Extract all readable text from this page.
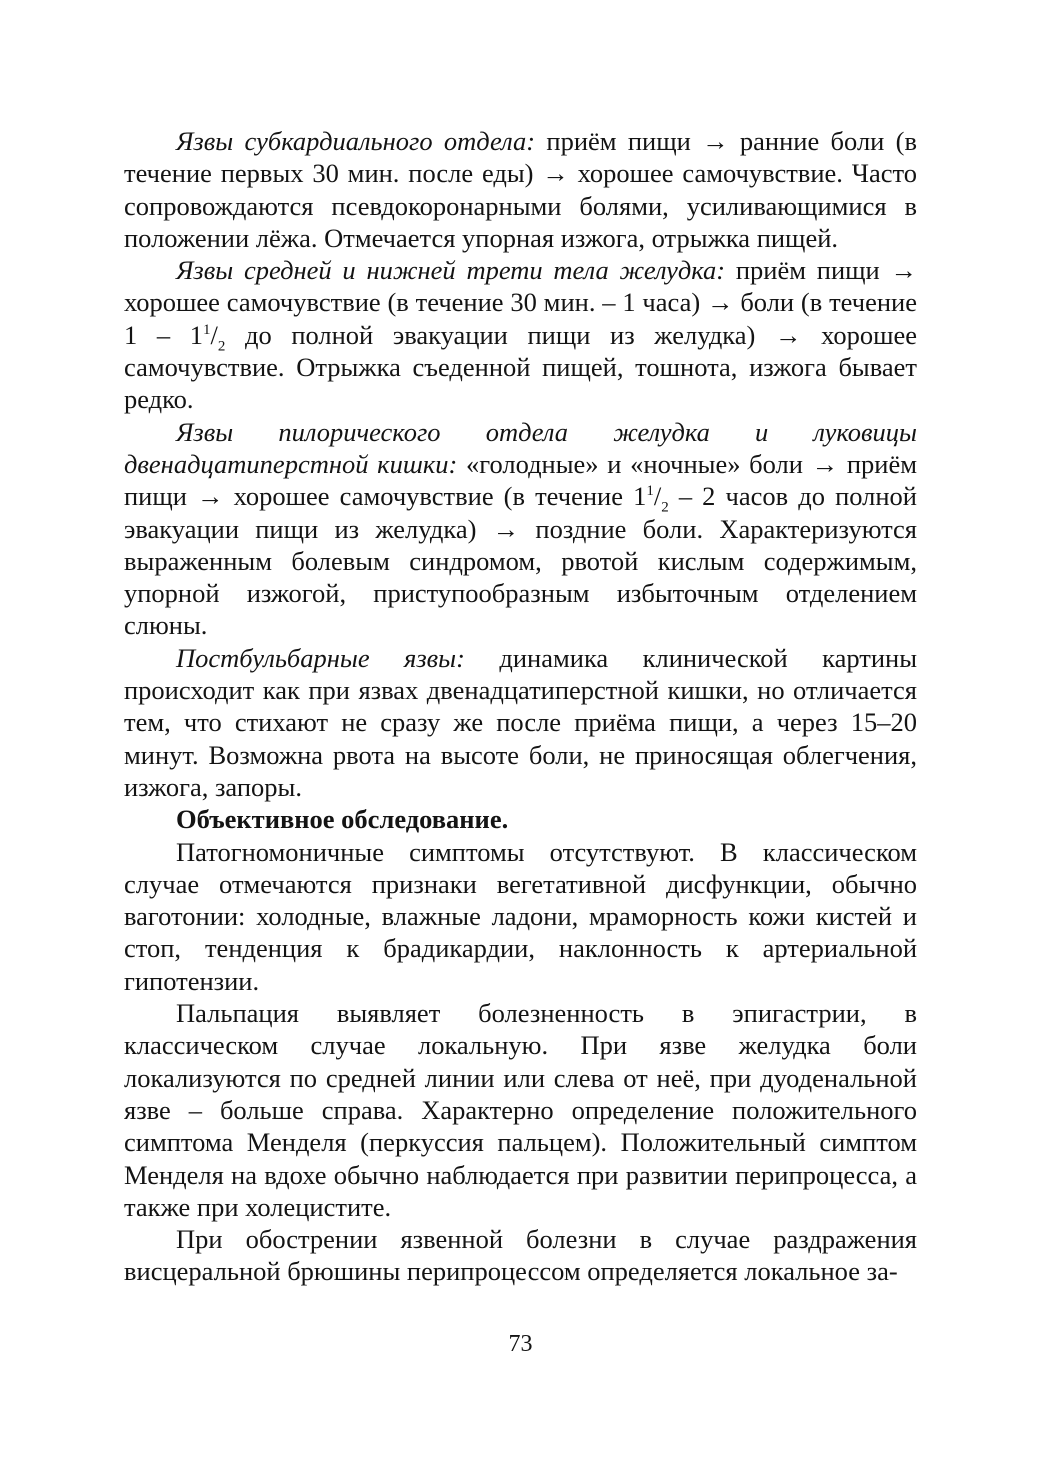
Язвы субкардиального отдела: приём пищи → ранние боли (в течение первых 30 мин. после еды) → хорошее самочувствие. Часто сопровождаются псевдокоронарными болями, усиливающимися в положении лёжа. Отмечается упорная изжога, отрыжка пищей.

Язвы средней и нижней трети тела желудка: приём пищи → хорошее самочувствие (в течение 30 мин. – 1 часа) → боли (в течение $1 - 1^1/_2$ до полной эвакуации пищи из желудка) → хорошее самочувствие. Отрыжка съеденной пищей, тошнота, изжога бывает редко.

Язвы пилорического отдела желудка и луковицы двенадцатиперстной кишки: «голодные» и «ночные» боли → приём пищи → хорошее самочувствие (в течение $1^1/_2 - 2$ часов до полной эвакуации пищи из желудка) → поздние боли. Характеризуются выраженным болевым синдромом, рвотой кислым содержимым, упорной изжогой, приступообразным избыточным отделением слюны.

Постбульбарные язвы: динамика клинической картины происходит как при язвах двенадцатиперстной кишки, но отличается тем, что стихают не сразу же после приёма пищи, а через 15–20 минут. Возможна рвота на высоте боли, не приносящая облегчения, изжога, запоры.

Объективное обследование.

Патогномоничные симптомы отсутствуют. В классическом случае отмечаются признаки вегетативной дисфункции, обычно ваготонии: холодные, влажные ладони, мраморность кожи кистей и стоп, тенденция к брадикардии, наклонность к артериальной гипотензии.

Пальпация выявляет болезненность в эпигастрии, в классическом случае локальную. При язве желудка боли локализуются по средней линии или слева от неё, при дуоденальной язве – больше справа. Характерно определение положительного симптома Менделя (перкуссия пальцем). Положительный симптом Менделя на вдохе обычно наблюдается при развитии перипроцесса, а также при холецистите.

При обострении язвенной болезни в случае раздражения висцеральной брюшины перипроцессом определяется локальное за-

73
